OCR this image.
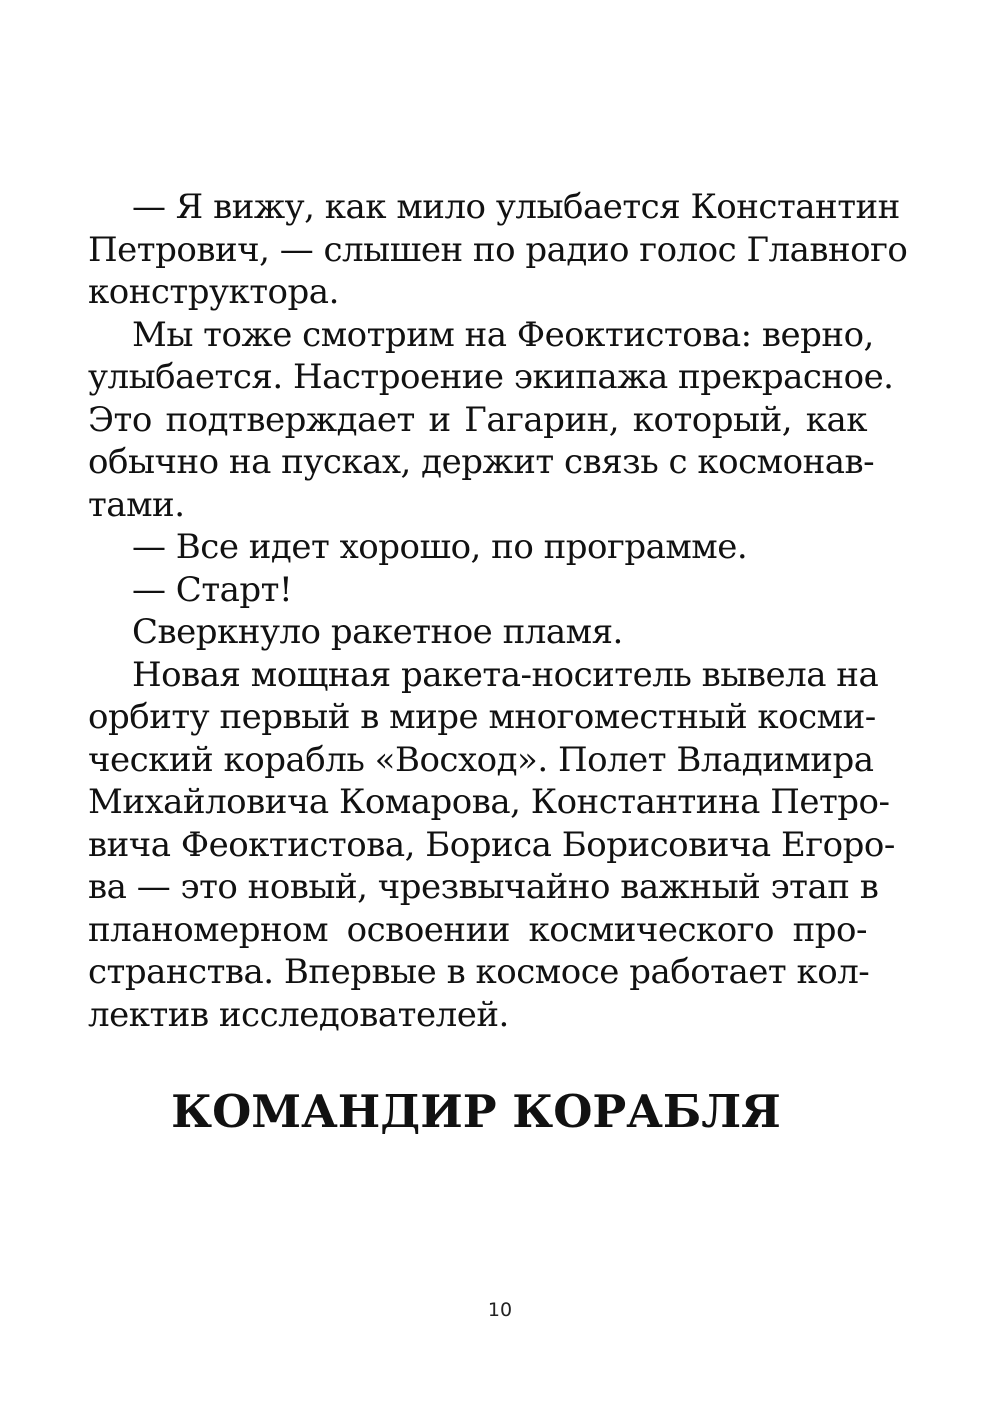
— Я вижу, как мило улыбается Константин
Петрович, — слышен по радио голос Главного
конструктора.
Мы тоже смотрим на Феоктистова: верно,
улыбается. Настроение экипажа прекрасное.
Это подтверждает и Гагарин, который, как
обычно на пусках, держит связь с космонав-
тами.
— Все идет хорошо, по программе.
— Старт!
Сверкнуло ракетное пламя.
Новая мощная ракета-носитель вывела на
орбиту первый в мире многоместный косми-
ческий корабль «Восход». Полет Владимира
Михайловича Комарова, Константина Петро-
вича Феоктистова, Бориса Борисовича Егоро-
ва — это новый, чрезвычайно важный этап в
планомерном освоении космического про-
странства. Впервые в космосе работает кол-
лектив исследователей.
КОМАНДИР КОРАБЛЯ
10
